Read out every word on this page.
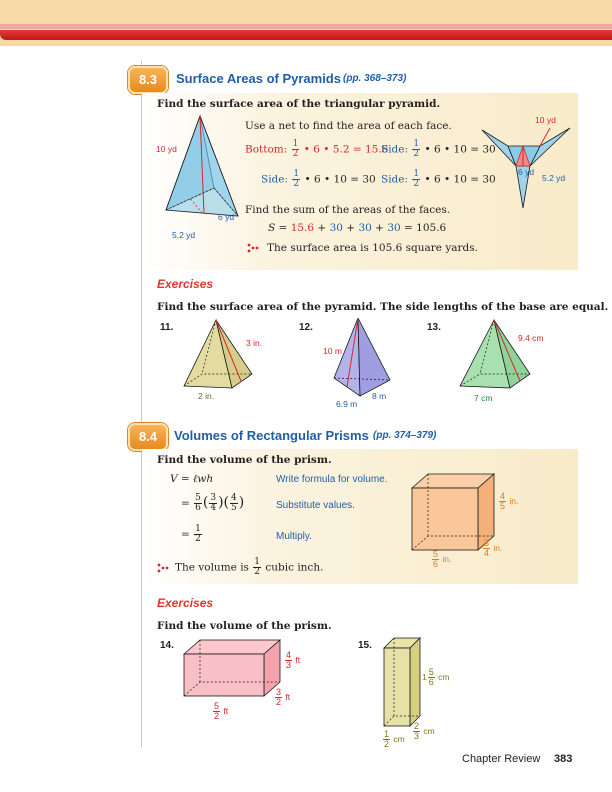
8.3	Surface Areas of Pyramids (pp. 368–373)
Find the surface area of the triangular pyramid.
10 yd
6 yd
5.2 yd
Use a net to find the area of each face.
Bottom: $\frac{1}{2}$ • 6 • 5.2 = 15.6
Side: $\frac{1}{2}$ • 6 • 10 = 30
Side: $\frac{1}{2}$ • 6 • 10 = 30 Side: $\frac{1}{2}$ • 6 • 10 = 30
10 yd
6 yd
5.2 yd
Find the sum of the areas of the faces.
S = 15.6 + 30 + 30 + 30 = 105.6
The surface area is 105.6 square yards.
Exercises
Find the surface area of the pyramid. The side lengths of the base are equal.
11.
3 in.
2 in.
12.
10 m
8 m
6.9 m
13.
9.4 cm
7 cm
8.4	Volumes of Rectangular Prisms (pp. 374–379)
Find the volume of the prism.
V = ℓwh	Write formula for volume.
= $\frac{5}{6}$ ( $\frac{3}{4}$ )( $\frac{4}{5}$ )	Substitute values.
= $\frac{1}{2}$	Multiply.
The volume is $\frac{1}{2}$ cubic inch.
$\frac{4}{5}$ in.
$\frac{3}{4}$ in.
$\frac{5}{6}$ in.
Exercises
Find the volume of the prism.
14.
$\frac{4}{3}$ ft
$\frac{3}{2}$ ft
$\frac{5}{2}$ ft
15.
$1 \frac{5}{6}$ cm
$\frac{2}{3}$ cm
$\frac{1}{2}$ cm
Chapter Review 383
